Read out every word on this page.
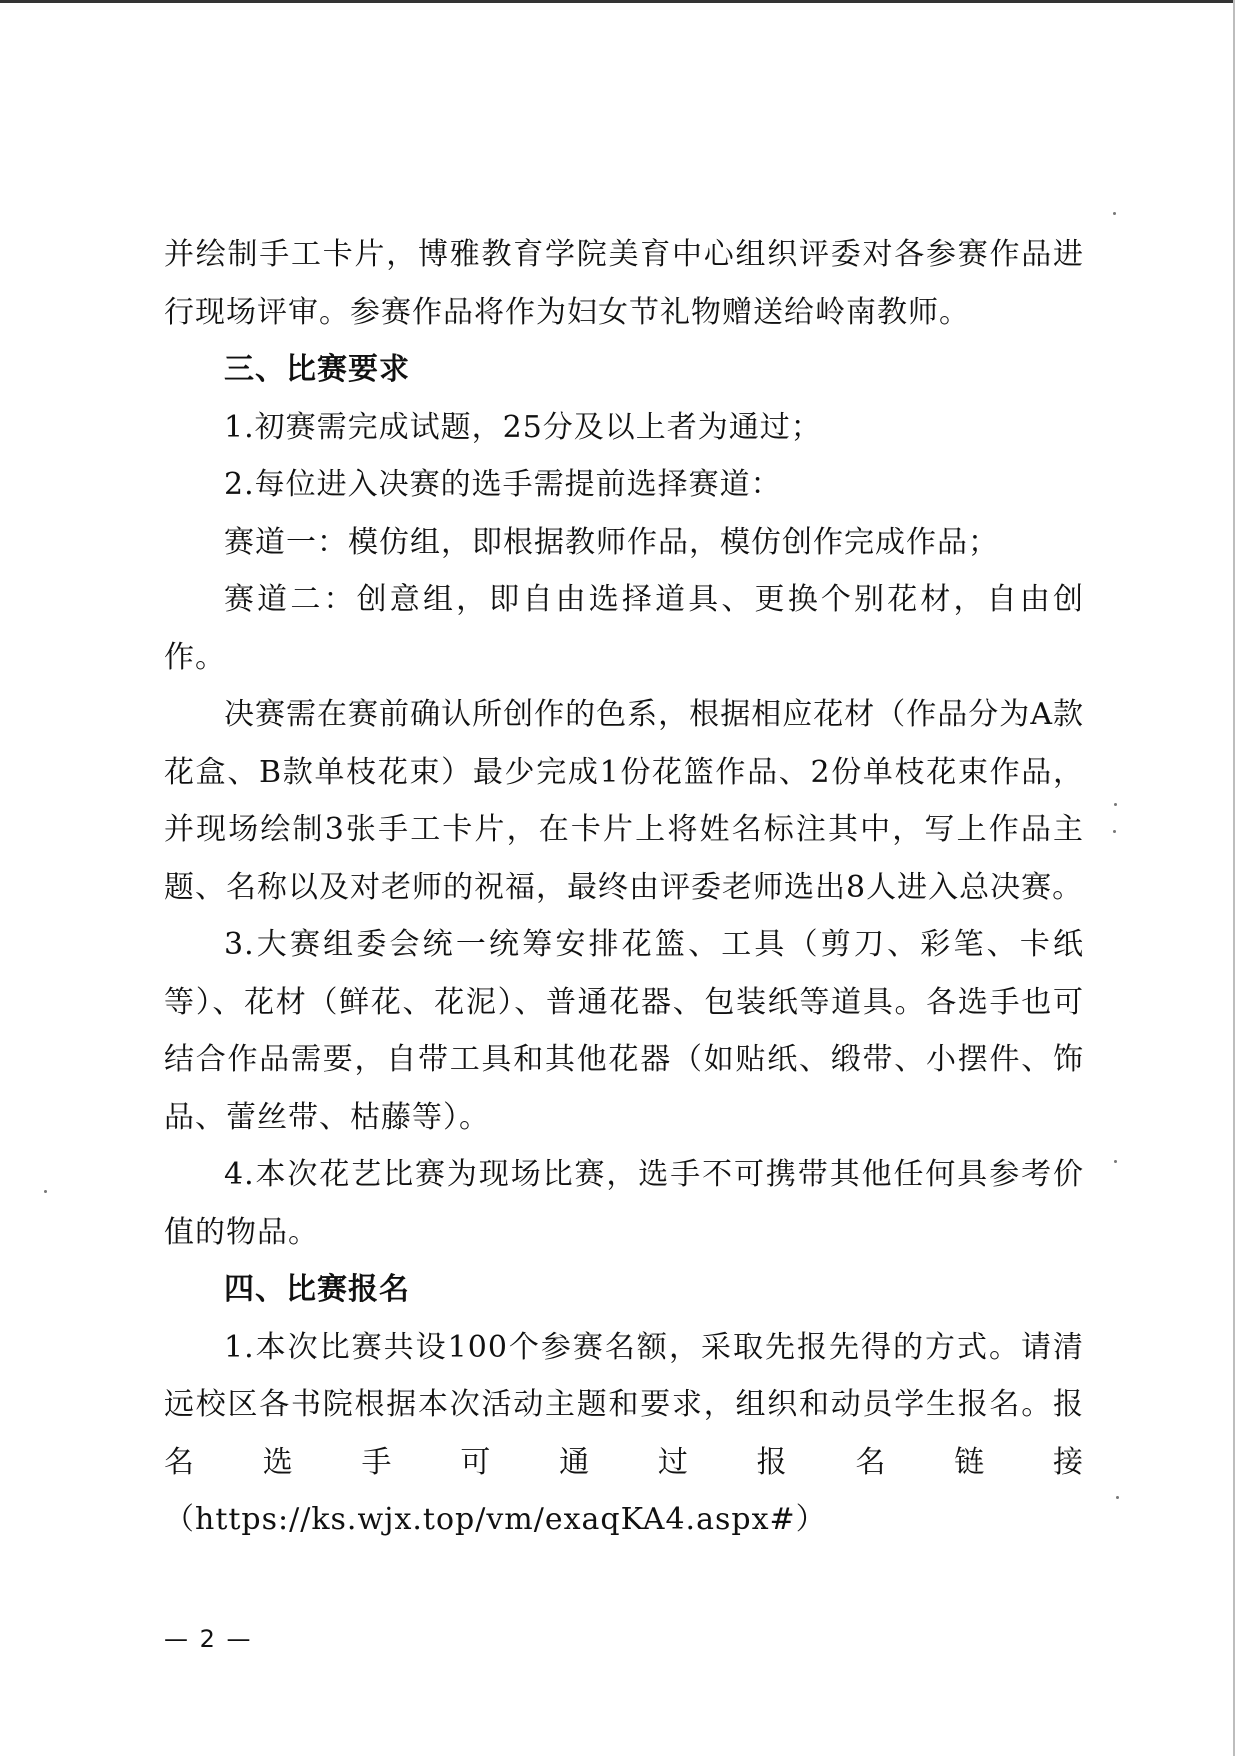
并绘制手工卡片，博雅教育学院美育中心组织评委对各参赛作品进行现场评审。参赛作品将作为妇女节礼物赠送给岭南教师。

三、比赛要求

1.初赛需完成试题，25分及以上者为通过；

2.每位进入决赛的选手需提前选择赛道：

赛道一：模仿组，即根据教师作品，模仿创作完成作品；

赛道二：创意组，即自由选择道具、更换个别花材，自由创作。

决赛需在赛前确认所创作的色系，根据相应花材（作品分为A款花盒、B款单枝花束）最少完成1份花篮作品、2份单枝花束作品，并现场绘制3张手工卡片，在卡片上将姓名标注其中，写上作品主题、名称以及对老师的祝福，最终由评委老师选出8人进入总决赛。

3.大赛组委会统一统筹安排花篮、工具（剪刀、彩笔、卡纸等）、花材（鲜花、花泥）、普通花器、包装纸等道具。各选手也可结合作品需要，自带工具和其他花器（如贴纸、缎带、小摆件、饰品、蕾丝带、枯藤等）。

4.本次花艺比赛为现场比赛，选手不可携带其他任何具参考价值的物品。

四、比赛报名

1.本次比赛共设100个参赛名额，采取先报先得的方式。请清远校区各书院根据本次活动主题和要求，组织和动员学生报名。报名选手可通过报名链接（https://ks.wjx.top/vm/exaqKA4.aspx#）

— 2 —
